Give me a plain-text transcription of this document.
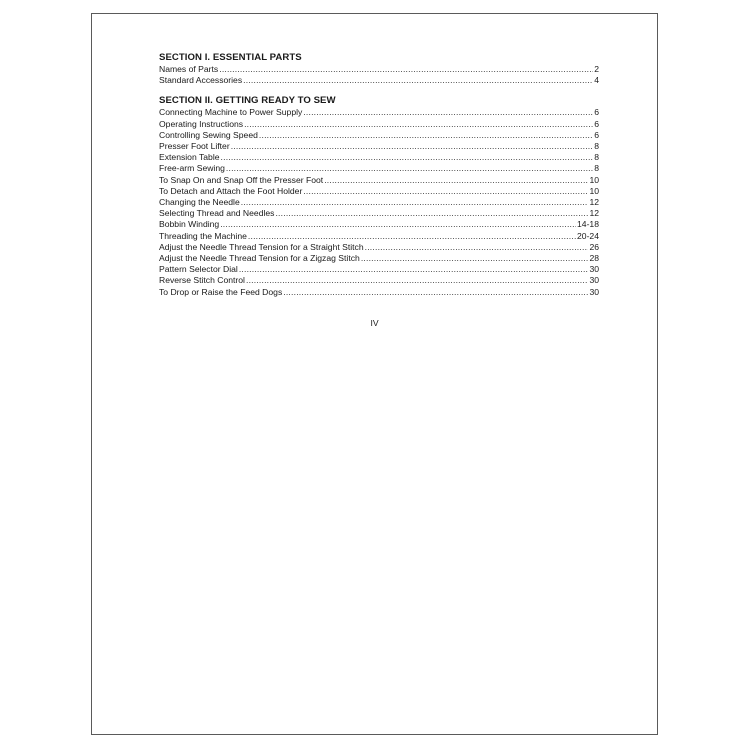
SECTION I. ESSENTIAL PARTS
Names of Parts .....	2
Standard Accessories .....	4
SECTION II. GETTING READY TO SEW
Connecting Machine to Power Supply .....	6
Operating Instructions .....	6
Controlling Sewing Speed .....	6
Presser Foot Lifter .....	8
Extension Table .....	8
Free-arm Sewing .....	8
To Snap On and Snap Off the Presser Foot .....	10
To Detach and Attach the Foot Holder .....	10
Changing the Needle .....	12
Selecting Thread and Needles .....	12
Bobbin Winding .....	14-18
Threading the Machine .....	20-24
Adjust the Needle Thread Tension for a Straight Stitch .....	26
Adjust the Needle Thread Tension for a Zigzag Stitch .....	28
Pattern Selector Dial .....	30
Reverse Stitch Control .....	30
To Drop or Raise the Feed Dogs .....	30
IV
